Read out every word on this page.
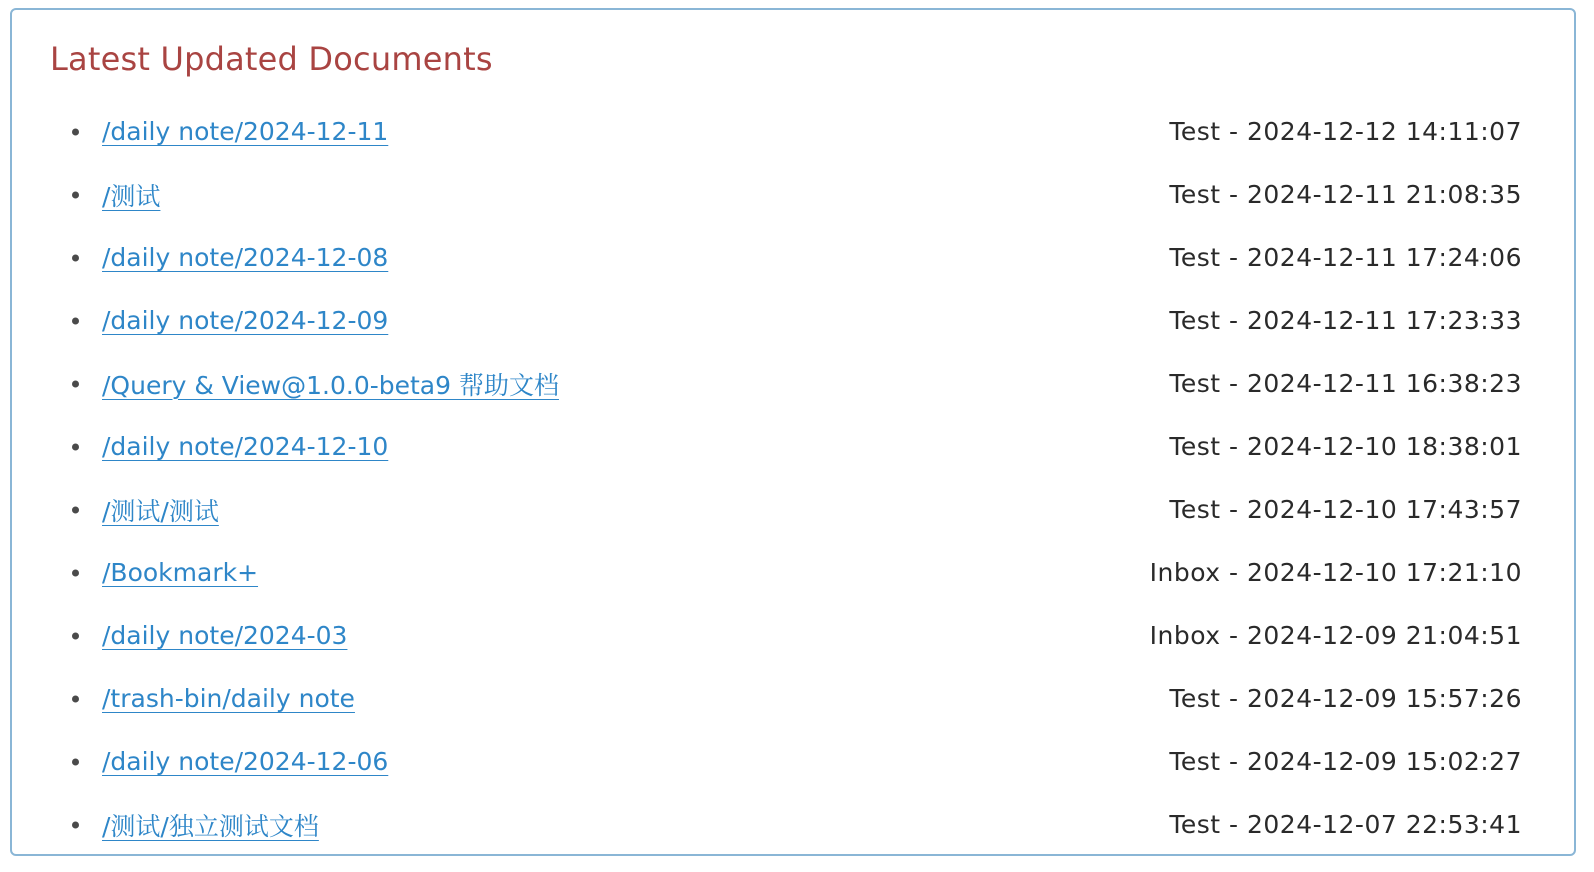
Latest Updated Documents
/daily note/2024-12-11	Test - 2024-12-12 14:11:07
/测试	Test - 2024-12-11 21:08:35
/daily note/2024-12-08	Test - 2024-12-11 17:24:06
/daily note/2024-12-09	Test - 2024-12-11 17:23:33
/Query & View@1.0.0-beta9 帮助文档	Test - 2024-12-11 16:38:23
/daily note/2024-12-10	Test - 2024-12-10 18:38:01
/测试/测试	Test - 2024-12-10 17:43:57
/Bookmark+	Inbox - 2024-12-10 17:21:10
/daily note/2024-03	Inbox - 2024-12-09 21:04:51
/trash-bin/daily note	Test - 2024-12-09 15:57:26
/daily note/2024-12-06	Test - 2024-12-09 15:02:27
/测试/独立测试文档	Test - 2024-12-07 22:53:41
